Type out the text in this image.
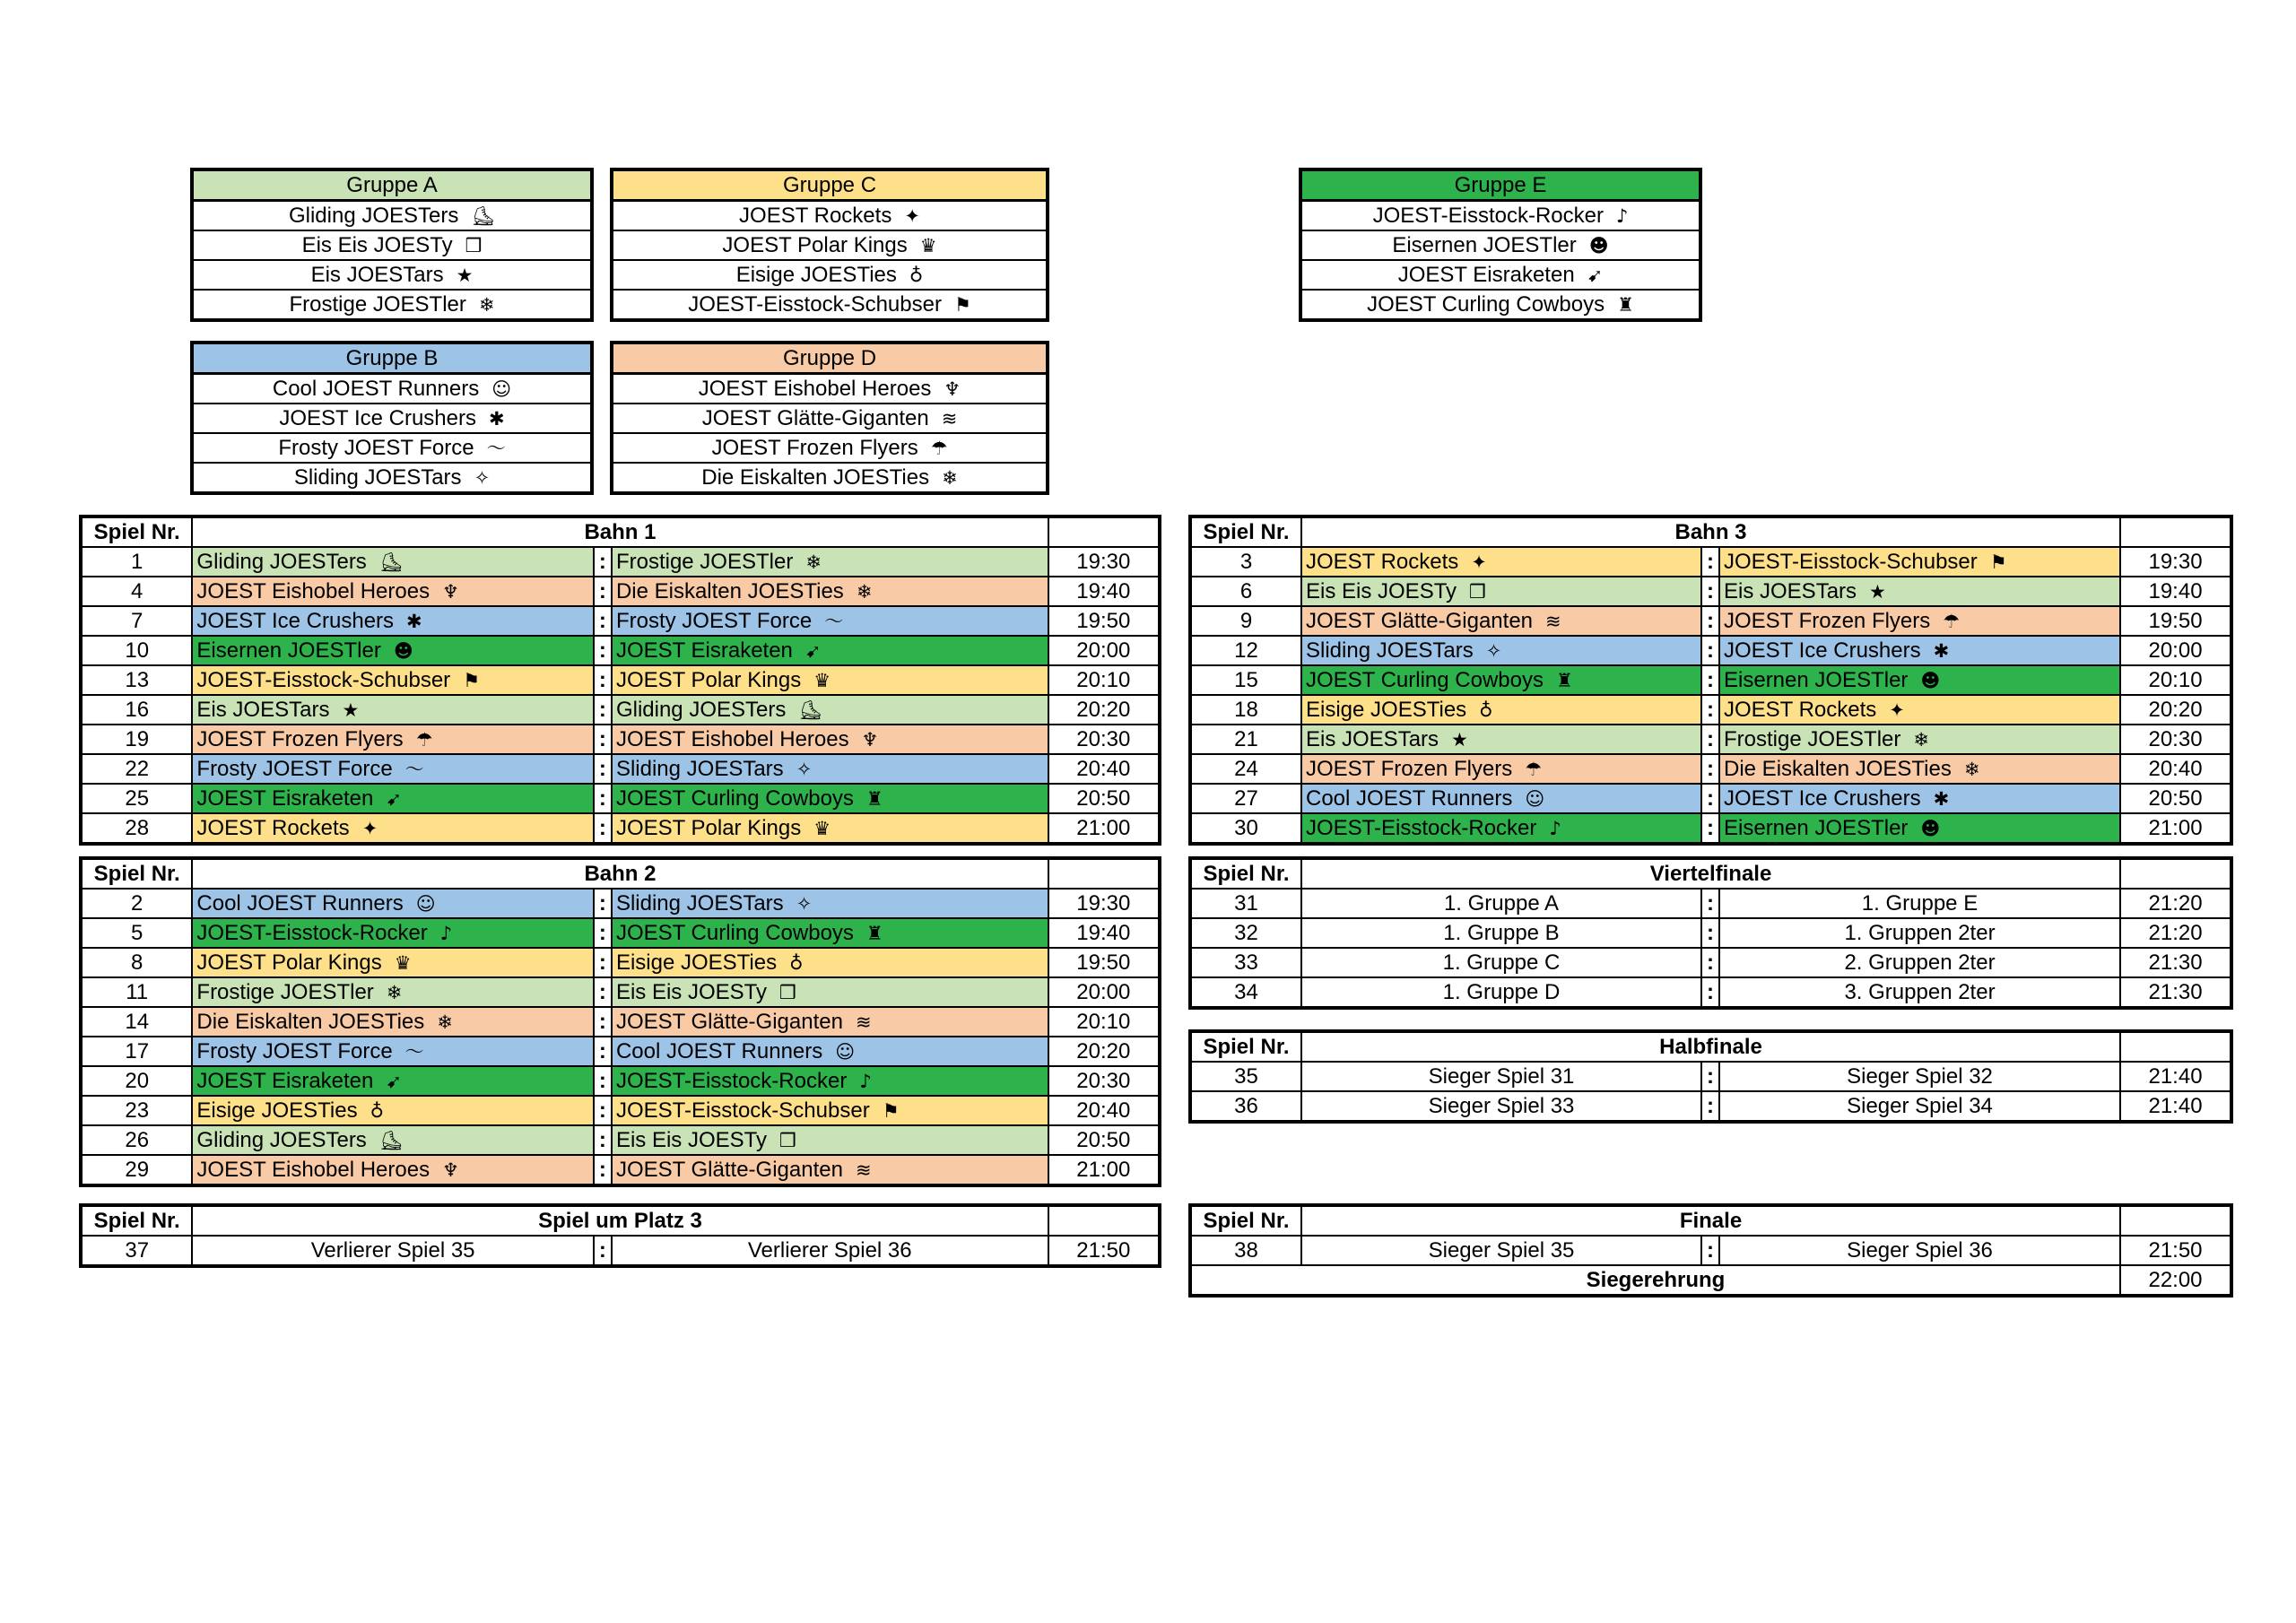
Gruppe A
Gliding JOESTers ⛸
Eis Eis JOESTy ❒
Eis JOESTars ★
Frostige JOESTler ❄
Gruppe C
JOEST Rockets ✦
JOEST Polar Kings ♛
Eisige JOESTies ♁
JOEST-Eisstock-Schubser ⚑
Gruppe E
JOEST-Eisstock-Rocker ♪
Eisernen JOESTler ☻
JOEST Eisraketen ➹
JOEST Curling Cowboys ♜
Gruppe B
Cool JOEST Runners ☺
JOEST Ice Crushers ✱
Frosty JOEST Force 〜
Sliding JOESTars ✧
Gruppe D
JOEST Eishobel Heroes ♆
JOEST Glätte-Giganten ≋
JOEST Frozen Flyers ☂
Die Eiskalten JOESTies ❄
Spiel Nr.	Bahn 1			
1	Gliding JOESTers ⛸	:	Frostige JOESTler ❄	19:30
4	JOEST Eishobel Heroes ♆	:	Die Eiskalten JOESTies ❄	19:40
7	JOEST Ice Crushers ✱	:	Frosty JOEST Force 〜	19:50
10	Eisernen JOESTler ☻	:	JOEST Eisraketen ➹	20:00
13	JOEST-Eisstock-Schubser ⚑	:	JOEST Polar Kings ♛	20:10
16	Eis JOESTars ★	:	Gliding JOESTers ⛸	20:20
19	JOEST Frozen Flyers ☂	:	JOEST Eishobel Heroes ♆	20:30
22	Frosty JOEST Force 〜	:	Sliding JOESTars ✧	20:40
25	JOEST Eisraketen ➹	:	JOEST Curling Cowboys ♜	20:50
28	JOEST Rockets ✦	:	JOEST Polar Kings ♛	21:00
Spiel Nr.	Bahn 2			
2	Cool JOEST Runners ☺	:	Sliding JOESTars ✧	19:30
5	JOEST-Eisstock-Rocker ♪	:	JOEST Curling Cowboys ♜	19:40
8	JOEST Polar Kings ♛	:	Eisige JOESTies ♁	19:50
11	Frostige JOESTler ❄	:	Eis Eis JOESTy ❒	20:00
14	Die Eiskalten JOESTies ❄	:	JOEST Glätte-Giganten ≋	20:10
17	Frosty JOEST Force 〜	:	Cool JOEST Runners ☺	20:20
20	JOEST Eisraketen ➹	:	JOEST-Eisstock-Rocker ♪	20:30
23	Eisige JOESTies ♁	:	JOEST-Eisstock-Schubser ⚑	20:40
26	Gliding JOESTers ⛸	:	Eis Eis JOESTy ❒	20:50
29	JOEST Eishobel Heroes ♆	:	JOEST Glätte-Giganten ≋	21:00
Spiel Nr.	Spiel um Platz 3			
37	Verlierer Spiel 35	:	Verlierer Spiel 36	21:50
Spiel Nr.	Bahn 3			
3	JOEST Rockets ✦	:	JOEST-Eisstock-Schubser ⚑	19:30
6	Eis Eis JOESTy ❒	:	Eis JOESTars ★	19:40
9	JOEST Glätte-Giganten ≋	:	JOEST Frozen Flyers ☂	19:50
12	Sliding JOESTars ✧	:	JOEST Ice Crushers ✱	20:00
15	JOEST Curling Cowboys ♜	:	Eisernen JOESTler ☻	20:10
18	Eisige JOESTies ♁	:	JOEST Rockets ✦	20:20
21	Eis JOESTars ★	:	Frostige JOESTler ❄	20:30
24	JOEST Frozen Flyers ☂	:	Die Eiskalten JOESTies ❄	20:40
27	Cool JOEST Runners ☺	:	JOEST Ice Crushers ✱	20:50
30	JOEST-Eisstock-Rocker ♪	:	Eisernen JOESTler ☻	21:00
Spiel Nr.	Viertelfinale			
31	1. Gruppe A	:	1. Gruppe E	21:20
32	1. Gruppe B	:	1. Gruppen 2ter	21:20
33	1. Gruppe C	:	2. Gruppen 2ter	21:30
34	1. Gruppe D	:	3. Gruppen 2ter	21:30
Spiel Nr.	Halbfinale			
35	Sieger Spiel 31	:	Sieger Spiel 32	21:40
36	Sieger Spiel 33	:	Sieger Spiel 34	21:40
Spiel Nr.	Finale			
38	Sieger Spiel 35	:	Sieger Spiel 36	21:50
Siegerehrung				22:00
